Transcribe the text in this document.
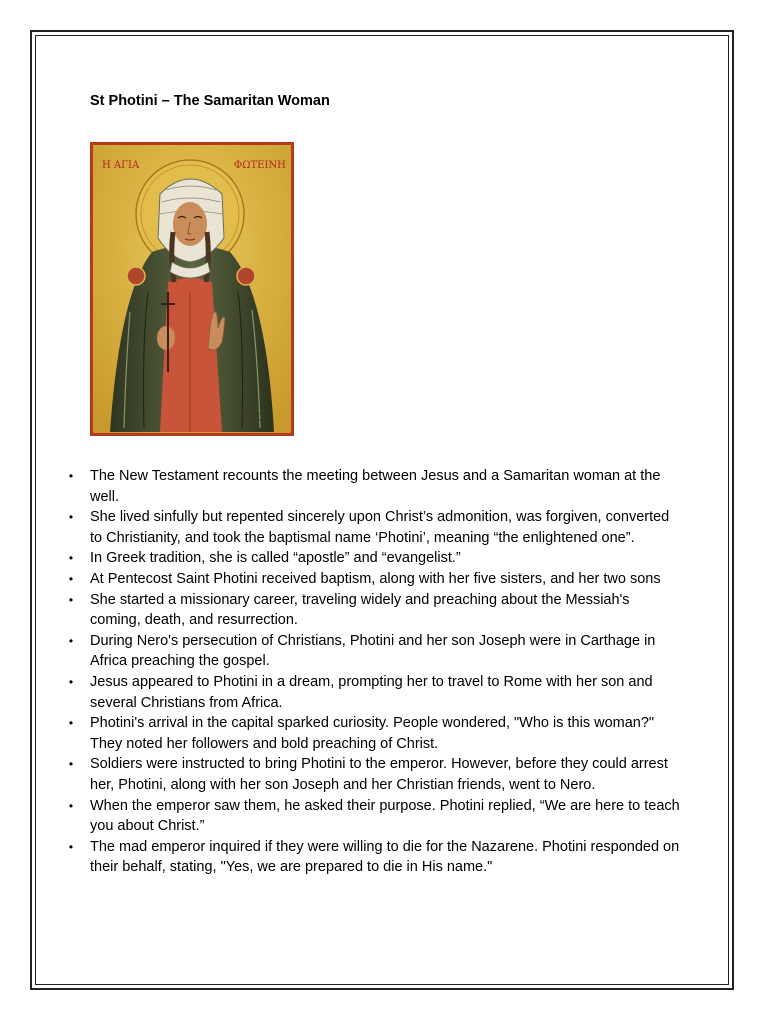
St Photini – The Samaritan Woman
Η ΑΓΙΑ	ΦΩΤΕΙΝΗ
• The New Testament recounts the meeting between Jesus and a Samaritan woman at the well.
• She lived sinfully but repented sincerely upon Christ’s admonition, was forgiven, converted to Christianity, and took the baptismal name ‘Photini’, meaning “the enlightened one”.
• In Greek tradition, she is called “apostle” and “evangelist.”
• At Pentecost Saint Photini received baptism, along with her five sisters, and her two sons
• She started a missionary career, traveling widely and preaching about the Messiah's coming, death, and resurrection.
• During Nero's persecution of Christians, Photini and her son Joseph were in Carthage in Africa preaching the gospel.
• Jesus appeared to Photini in a dream, prompting her to travel to Rome with her son and several Christians from Africa.
• Photini's arrival in the capital sparked curiosity. People wondered, "Who is this woman?" They noted her followers and bold preaching of Christ.
• Soldiers were instructed to bring Photini to the emperor. However, before they could arrest her, Photini, along with her son Joseph and her Christian friends, went to Nero.
• When the emperor saw them, he asked their purpose. Photini replied, “We are here to teach you about Christ.”
• The mad emperor inquired if they were willing to die for the Nazarene. Photini responded on their behalf, stating, "Yes, we are prepared to die in His name."
